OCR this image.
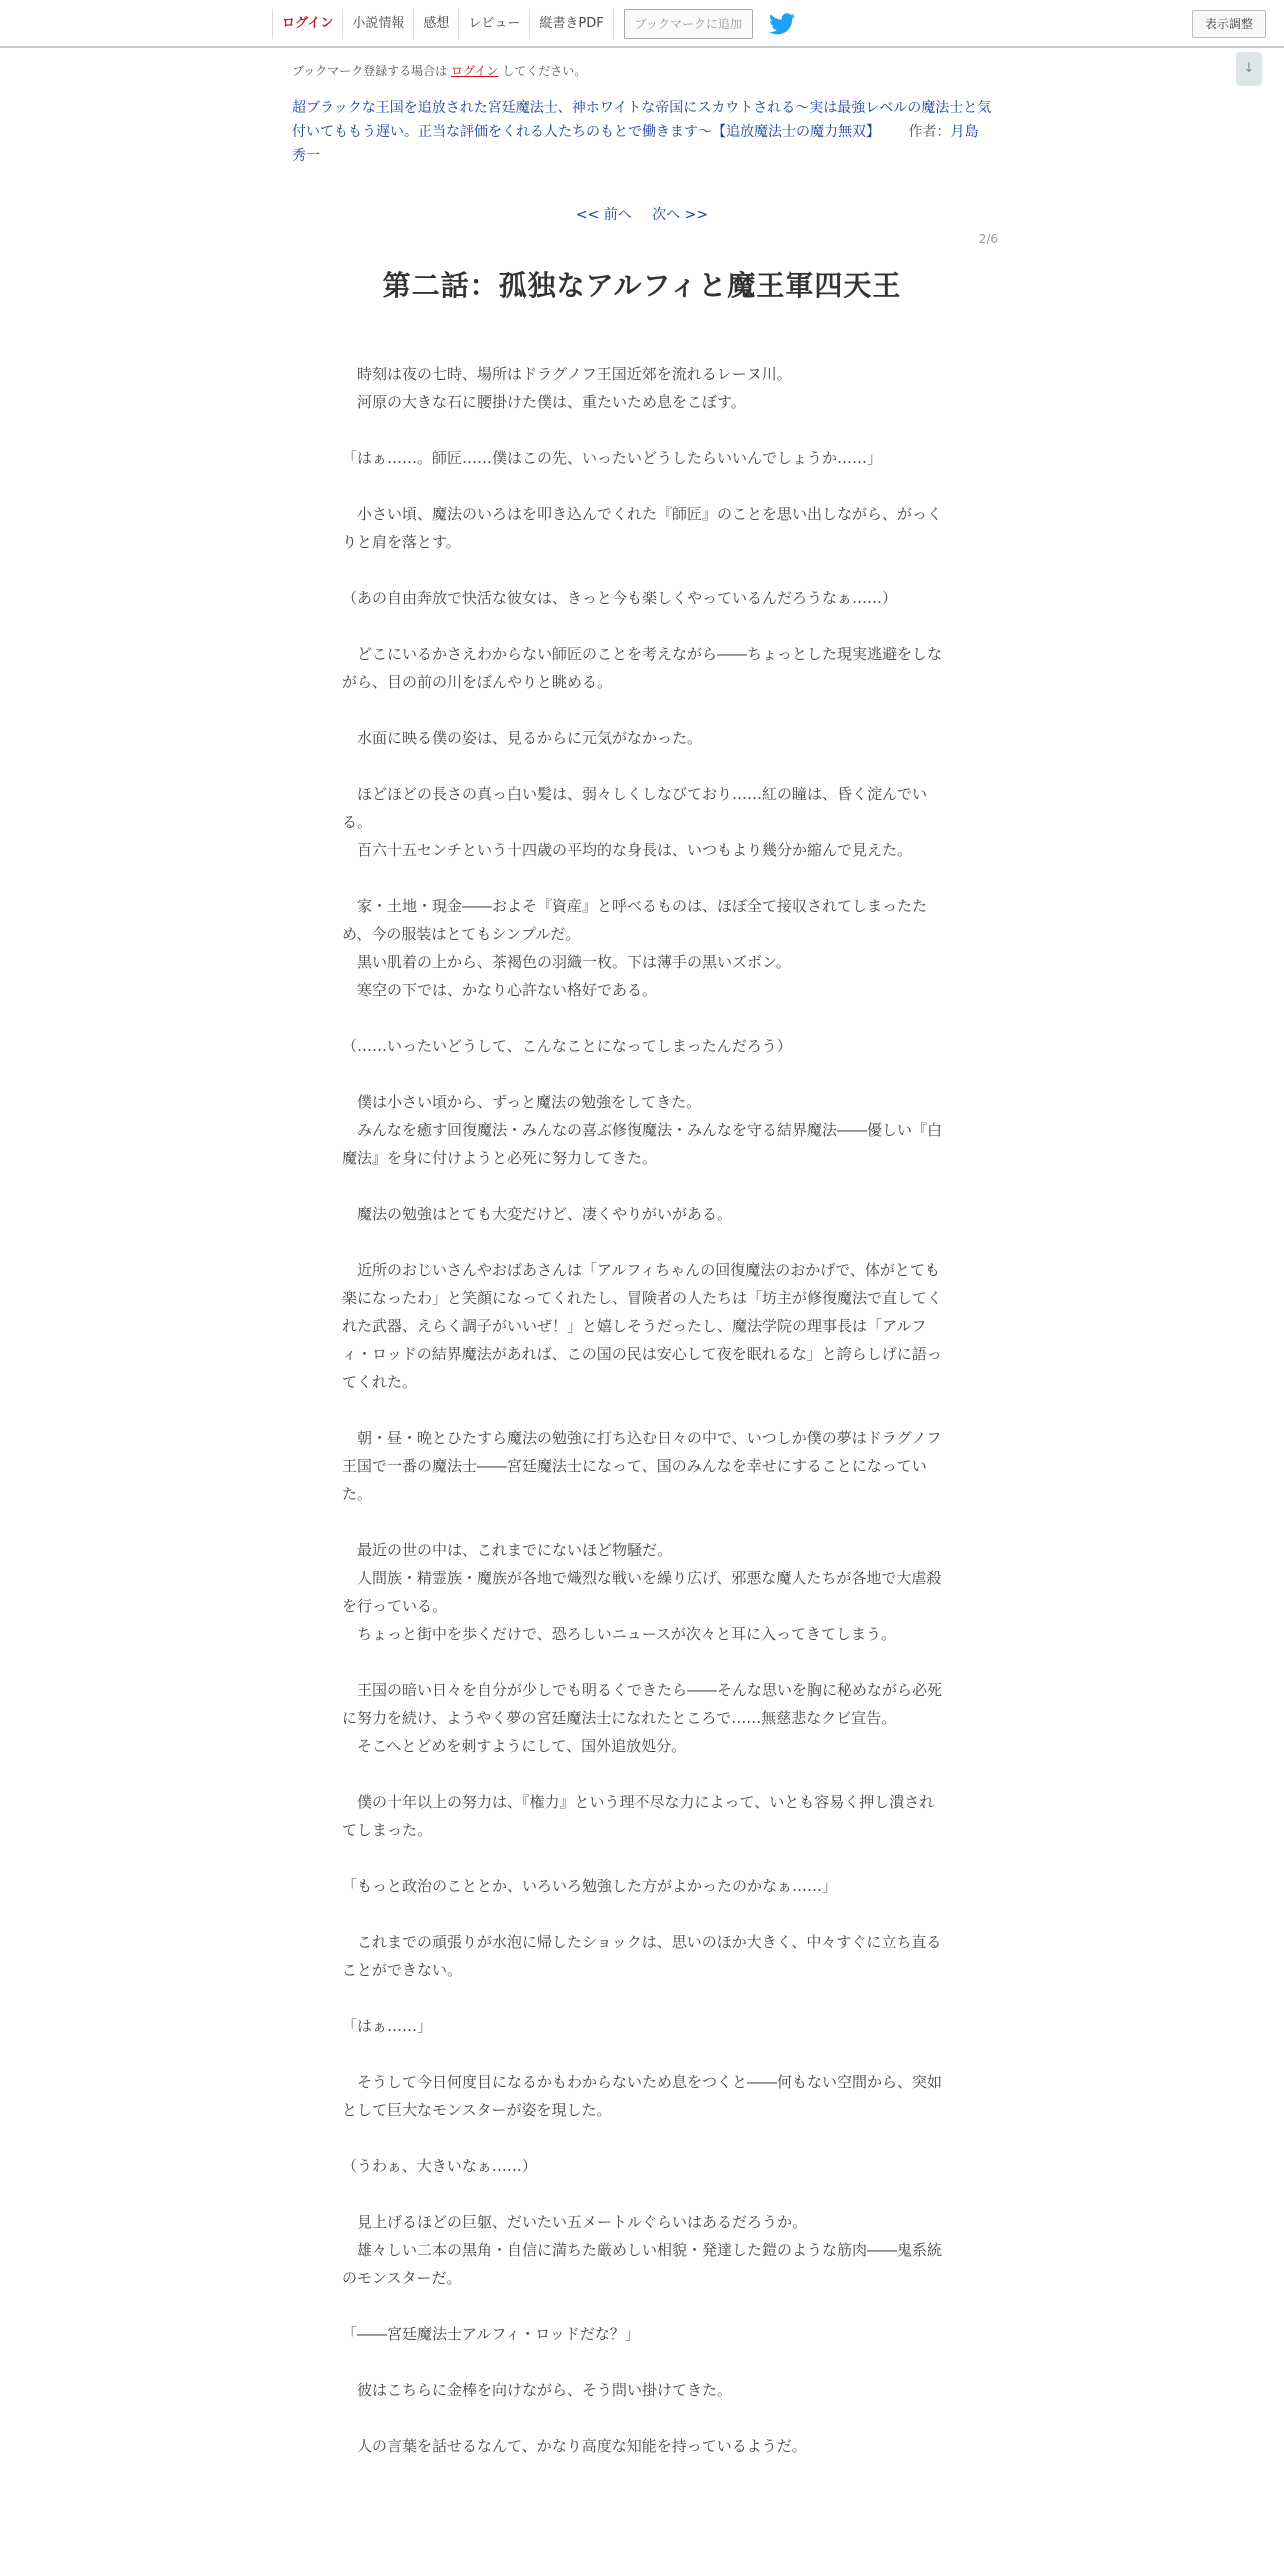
ログイン	小説情報	感想	レビュー	縦書きPDF	ブックマークに追加	表示調整
↓
ブックマーク登録する場合は ログイン してください。
超ブラックな王国を追放された宮廷魔法士、神ホワイトな帝国にスカウトされる～実は最強レベルの魔法士と気付いてももう遅い。正当な評価をくれる人たちのもとで働きます～【追放魔法士の魔力無双】 作者：月島 秀一
<< 前へ 次へ >>
2/6
第二話：孤独なアルフィと魔王軍四天王

　時刻は夜の七時、場所はドラグノフ王国近郊を流れるレーヌ川。

　河原の大きな石に腰掛けた僕は、重たいため息をこぼす。

「はぁ……。師匠……僕はこの先、いったいどうしたらいいんでしょうか……」

　小さい頃、魔法のいろはを叩き込んでくれた『師匠』のことを思い出しながら、がっくりと肩を落とす。

（あの自由奔放で快活な彼女は、きっと今も楽しくやっているんだろうなぁ……）

　どこにいるかさえわからない師匠のことを考えながら――ちょっとした現実逃避をしながら、目の前の川をぼんやりと眺める。

　水面に映る僕の姿は、見るからに元気がなかった。

　ほどほどの長さの真っ白い髪は、弱々しくしなびており……紅の瞳は、昏く淀んでいる。

　百六十五センチという十四歳の平均的な身長は、いつもより幾分か縮んで見えた。

　家・土地・現金――およそ『資産』と呼べるものは、ほぼ全て接収されてしまったため、今の服装はとてもシンプルだ。

　黒い肌着の上から、茶褐色の羽織一枚。下は薄手の黒いズボン。

　寒空の下では、かなり心許ない格好である。

（……いったいどうして、こんなことになってしまったんだろう）

　僕は小さい頃から、ずっと魔法の勉強をしてきた。

　みんなを癒す回復魔法・みんなの喜ぶ修復魔法・みんなを守る結界魔法――優しい『白魔法』を身に付けようと必死に努力してきた。

　魔法の勉強はとても大変だけど、凄くやりがいがある。

　近所のおじいさんやおばあさんは「アルフィちゃんの回復魔法のおかげで、体がとても楽になったわ」と笑顔になってくれたし、冒険者の人たちは「坊主が修復魔法で直してくれた武器、えらく調子がいいぜ！」と嬉しそうだったし、魔法学院の理事長は「アルフィ・ロッドの結界魔法があれば、この国の民は安心して夜を眠れるな」と誇らしげに語ってくれた。

　朝・昼・晩とひたすら魔法の勉強に打ち込む日々の中で、いつしか僕の夢はドラグノフ王国で一番の魔法士――宮廷魔法士になって、国のみんなを幸せにすることになっていた。

　最近の世の中は、これまでにないほど物騒だ。

　人間族・精霊族・魔族が各地で熾烈な戦いを繰り広げ、邪悪な魔人たちが各地で大虐殺を行っている。

　ちょっと街中を歩くだけで、恐ろしいニュースが次々と耳に入ってきてしまう。

　王国の暗い日々を自分が少しでも明るくできたら――そんな思いを胸に秘めながら必死に努力を続け、ようやく夢の宮廷魔法士になれたところで……無慈悲なクビ宣告。

　そこへとどめを刺すようにして、国外追放処分。

　僕の十年以上の努力は、『権力』という理不尽な力によって、いとも容易く押し潰されてしまった。

「もっと政治のこととか、いろいろ勉強した方がよかったのかなぁ……」

　これまでの頑張りが水泡に帰したショックは、思いのほか大きく、中々すぐに立ち直ることができない。

「はぁ……」

　そうして今日何度目になるかもわからないため息をつくと――何もない空間から、突如として巨大なモンスターが姿を現した。

（うわぁ、大きいなぁ……）

　見上げるほどの巨躯、だいたい五メートルぐらいはあるだろうか。

　雄々しい二本の黒角・自信に満ちた厳めしい相貌・発達した鎧のような筋肉――鬼系統のモンスターだ。

「――宮廷魔法士アルフィ・ロッドだな？」

　彼はこちらに金棒を向けながら、そう問い掛けてきた。

　人の言葉を話せるなんて、かなり高度な知能を持っているようだ。
